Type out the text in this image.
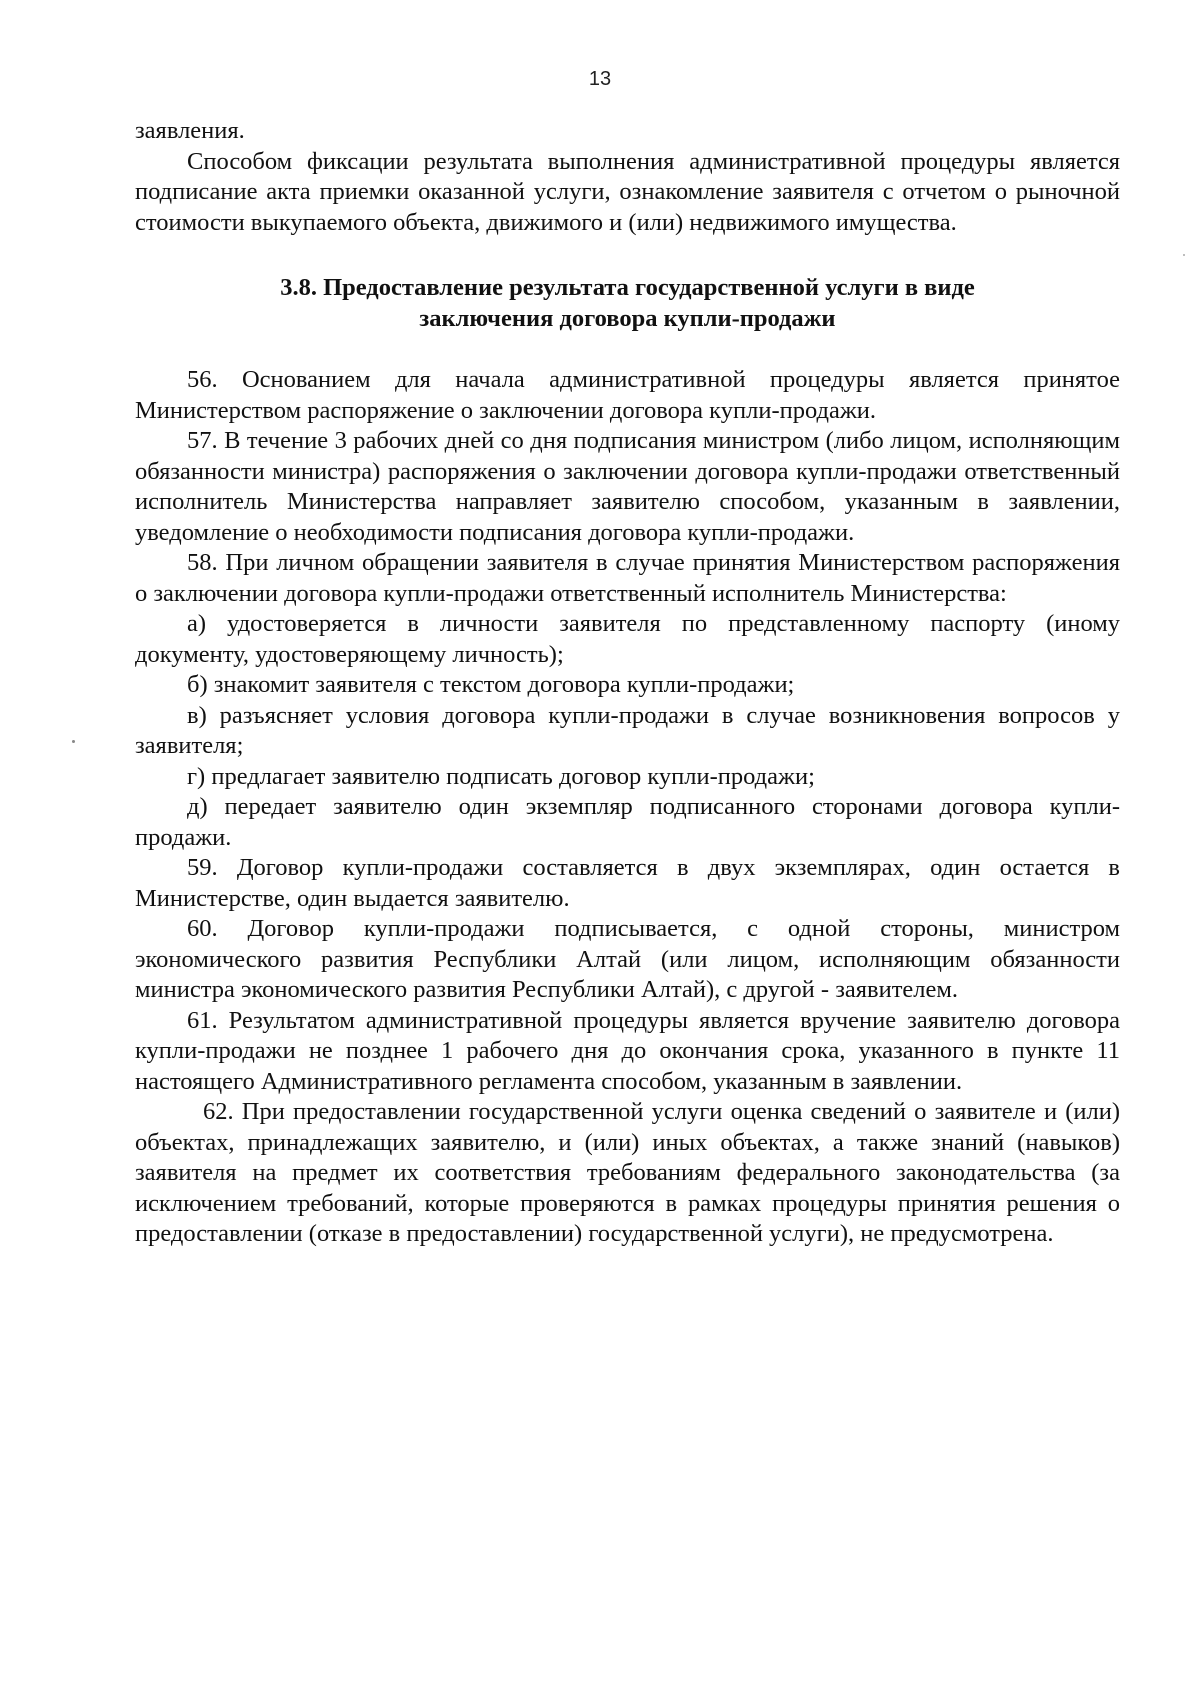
13

заявления.

Способом фиксации результата выполнения административной процедуры является подписание акта приемки оказанной услуги, ознакомление заявителя с отчетом о рыночной стоимости выкупаемого объекта, движимого и (или) недвижимого имущества.

3.8. Предоставление результата государственной услуги в виде
заключения договора купли-продажи

56. Основанием для начала административной процедуры является принятое Министерством распоряжение о заключении договора купли-продажи.

57. В течение 3 рабочих дней со дня подписания министром (либо лицом, исполняющим обязанности министра) распоряжения о заключении договора купли-продажи ответственный исполнитель Министерства направляет заявителю способом, указанным в заявлении, уведомление о необходимости подписания договора купли-продажи.

58. При личном обращении заявителя в случае принятия Министерством распоряжения о заключении договора купли-продажи ответственный исполнитель Министерства:

а) удостоверяется в личности заявителя по представленному паспорту (иному документу, удостоверяющему личность);

б) знакомит заявителя с текстом договора купли-продажи;

в) разъясняет условия договора купли-продажи в случае возникновения вопросов у заявителя;

г) предлагает заявителю подписать договор купли-продажи;

д) передает заявителю один экземпляр подписанного сторонами договора купли-продажи.

59. Договор купли-продажи составляется в двух экземплярах, один остается в Министерстве, один выдается заявителю.

60. Договор купли-продажи подписывается, с одной стороны, министром экономического развития Республики Алтай (или лицом, исполняющим обязанности министра экономического развития Республики Алтай), с другой - заявителем.

61. Результатом административной процедуры является вручение заявителю договора купли-продажи не позднее 1 рабочего дня до окончания срока, указанного в пункте 11 настоящего Административного регламента способом, указанным в заявлении.

62. При предоставлении государственной услуги оценка сведений о заявителе и (или) объектах, принадлежащих заявителю, и (или) иных объектах, а также знаний (навыков) заявителя на предмет их соответствия требованиям федерального законодательства (за исключением требований, которые проверяются в рамках процедуры принятия решения о предоставлении (отказе в предоставлении) государственной услуги), не предусмотрена.
